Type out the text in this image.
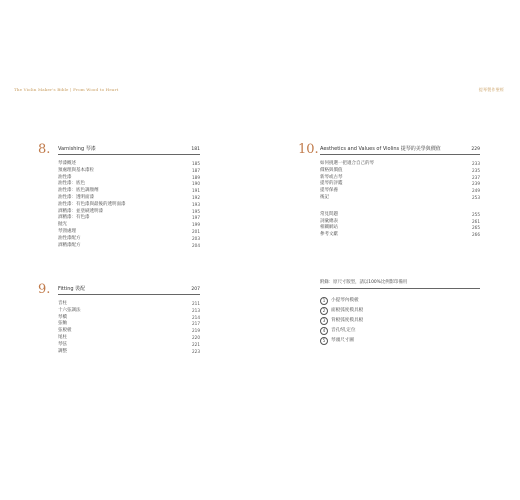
The Violin Maker's Bible | From Wood to Heart	提琴製作聖經
8. Varnishing 琴漆	181
琴漆概述	185
預處理與基本漆粒	187
油性漆	189
油性漆：底色	190
油性漆：底色調顏劑	191
油性漆：透明面漆	192
油性漆：有色漆與最後的透明面漆	193
酒精漆：並塗刷透明漆	195
酒精漆：有色漆	197
抛光	199
琴頸處理	201
油性漆配方	203
酒精漆配方	204
9. Fitting 裝配	207
音柱	211
十六弦調法	213
琴橋	214
弦軸	217
弦板板	219
尾柱	220
琴弦	221
調整	223
10. Aesthetics and Values of Violins 提琴的美學與價值	229
如何挑選一把適合自己的琴	233
價格與價值	235
新琴或古琴	237
提琴的評鑑	239
提琴保養	249
後記	253
常見問題	255
詞彙總表	261
相關網站	265
參考文獻	266
附錄：原尺寸版型，請以100%比例影印備用
1	小提琴內模板
2	面板弧度模具板
3	背板弧度模具板
4	音孔f孔定位
5	琴頭尺寸圖
